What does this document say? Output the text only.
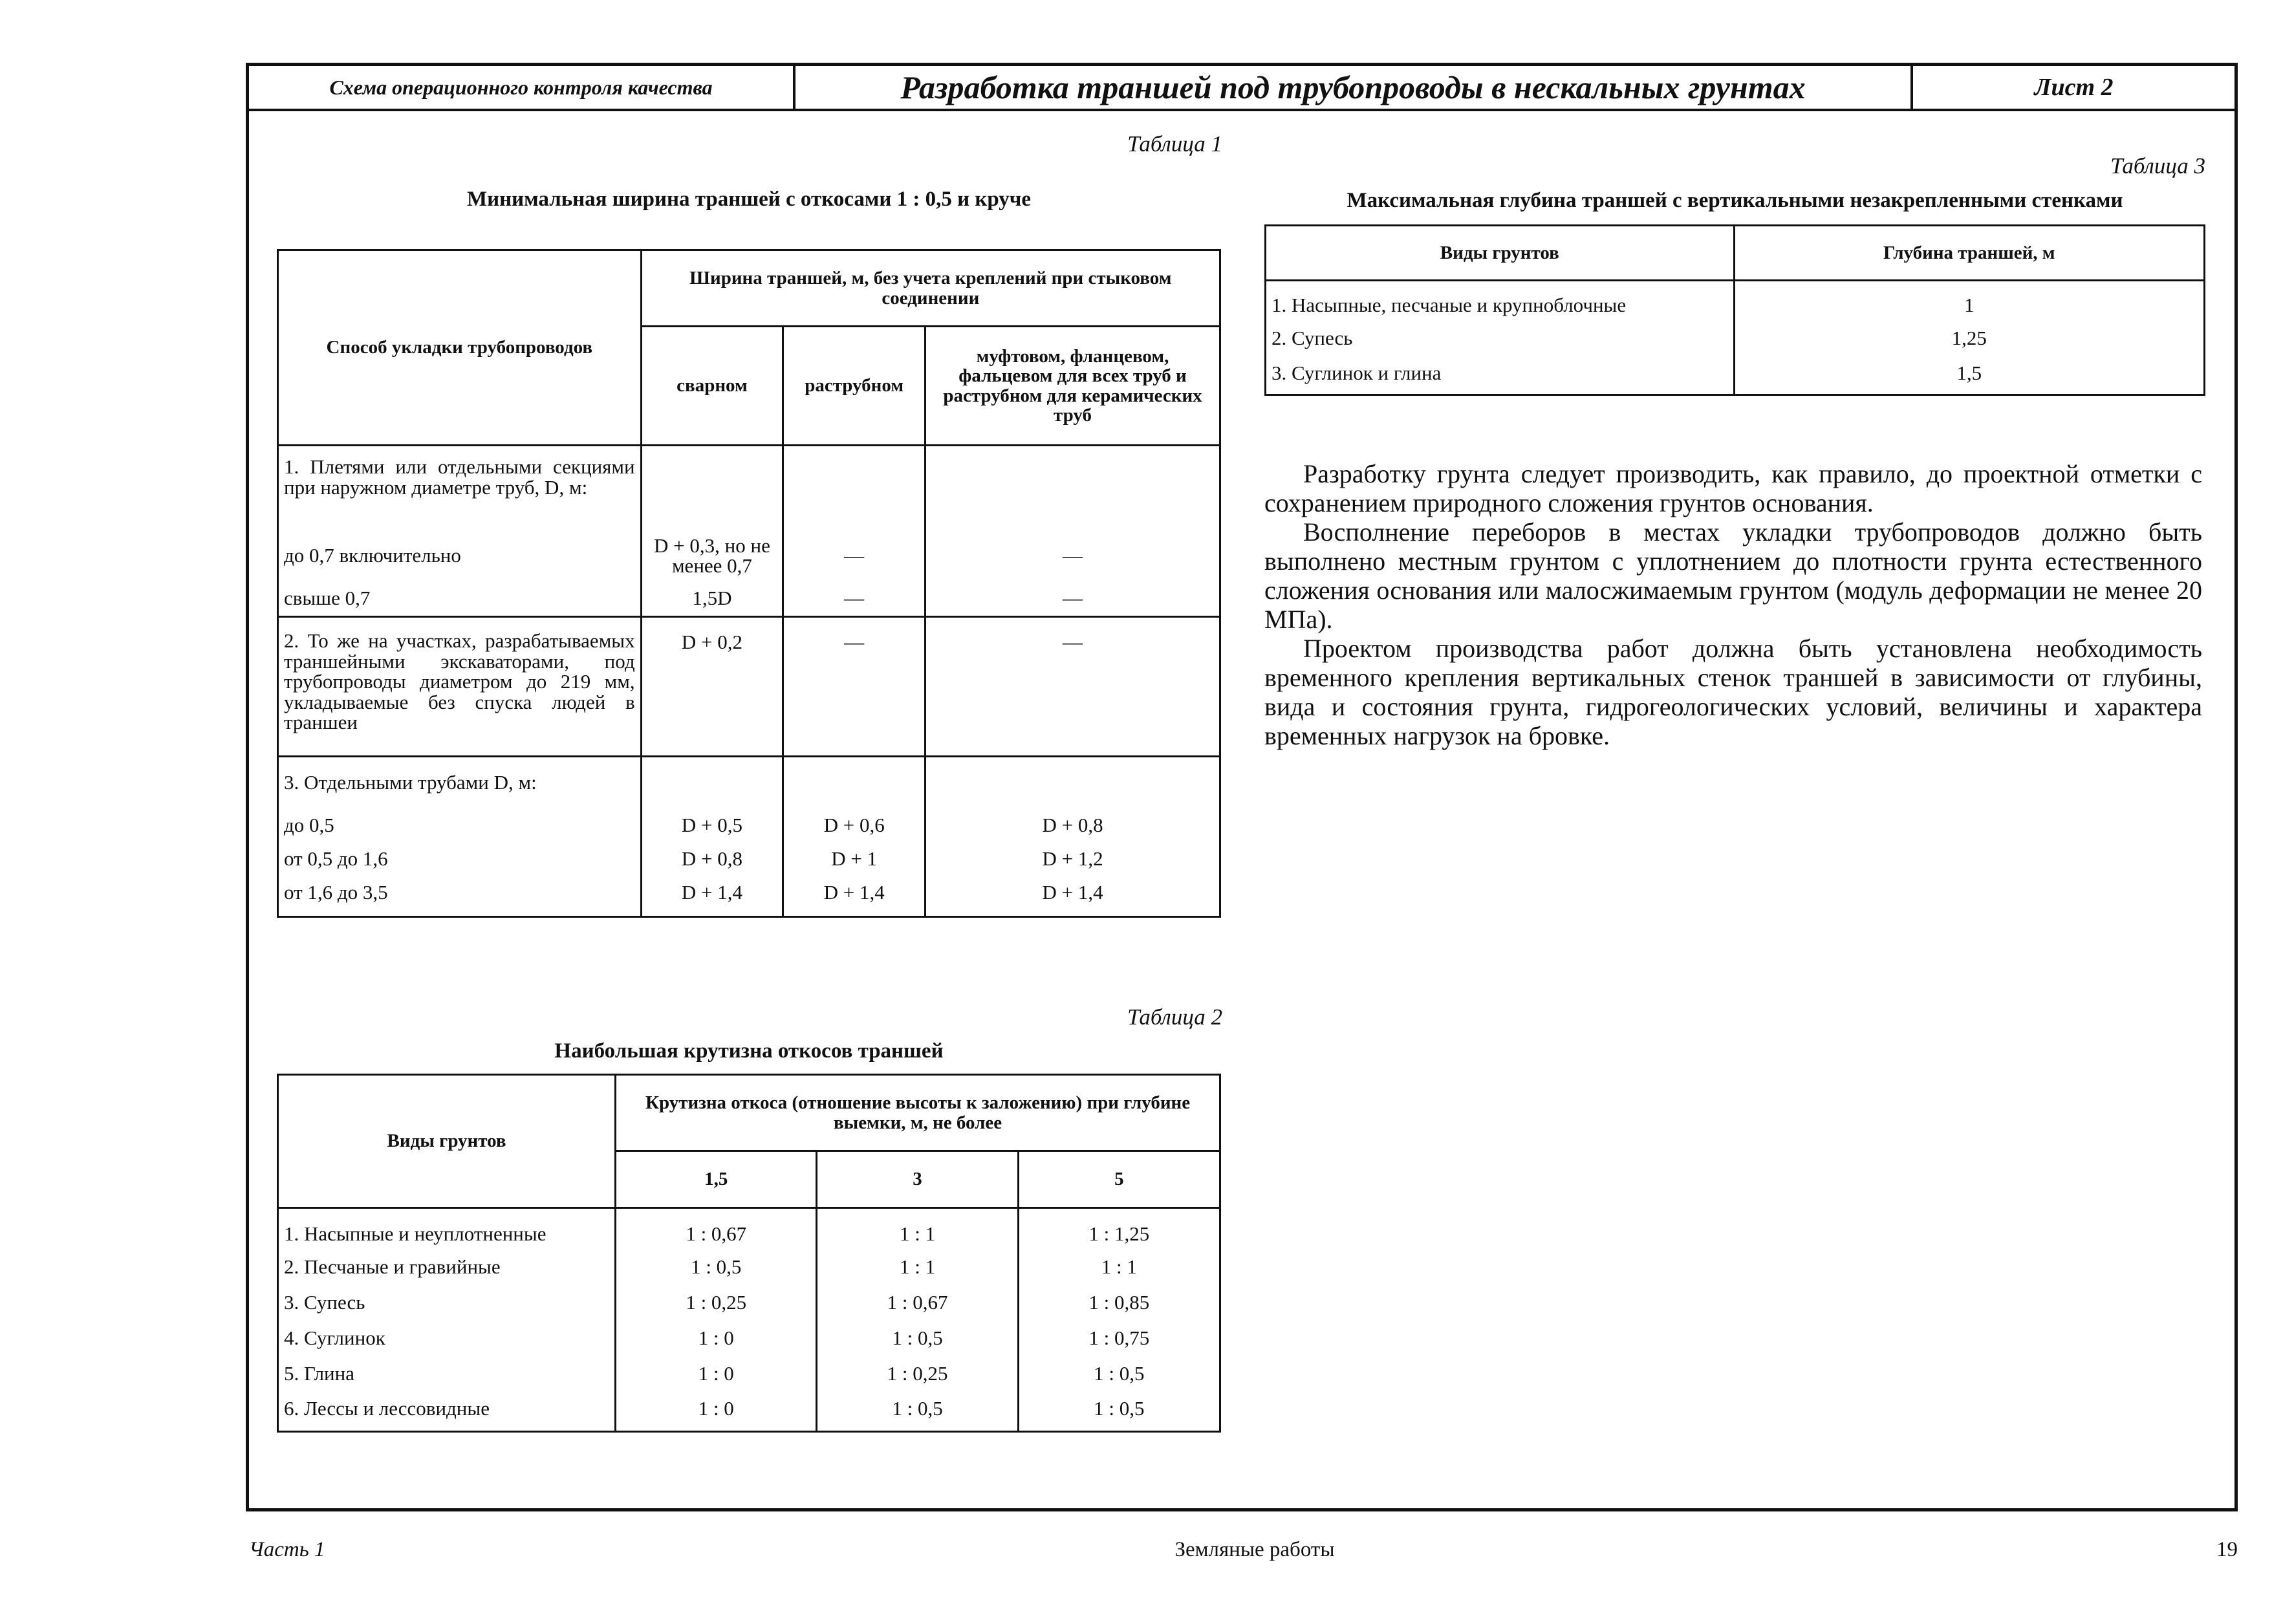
Схема операционного контроля качества	Разработка траншей под трубопроводы в нескальных грунтах	Лист 2
Таблица 1
Минимальная ширина траншей с откосами 1 : 0,5 и круче
Способ укладки трубопроводов	Ширина траншей, м, без учета креплений при стыковом соединении		
	сварном	раструбном	муфтовом, фланцевом, фальцевом для всех труб и раструбном для керамических труб
1. Плетями или отдельными секциями при наружном диаметре труб, D, м:			
до 0,7 включительно	D + 0,3, но не менее 0,7	—	—
свыше 0,7	1,5D	—	—
2. То же на участках, разрабатываемых траншейными экскаваторами, под трубопроводы диаметром до 219 мм, укладываемые без спуска людей в траншеи	D + 0,2	—	—
3. Отдельными трубами D, м:			
до 0,5	D + 0,5	D + 0,6	D + 0,8
от 0,5 до 1,6	D + 0,8	D + 1	D + 1,2
от 1,6 до 3,5	D + 1,4	D + 1,4	D + 1,4
Таблица 2
Наибольшая крутизна откосов траншей
Виды грунтов	Крутизна откоса (отношение высоты к заложению) при глубине выемки, м, не более		
	1,5	3	5
1. Насыпные и неуплотненные	1 : 0,67	1 : 1	1 : 1,25
2. Песчаные и гравийные	1 : 0,5	1 : 1	1 : 1
3. Супесь	1 : 0,25	1 : 0,67	1 : 0,85
4. Суглинок	1 : 0	1 : 0,5	1 : 0,75
5. Глина	1 : 0	1 : 0,25	1 : 0,5
6. Лессы и лессовидные	1 : 0	1 : 0,5	1 : 0,5
Таблица 3
Максимальная глубина траншей с вертикальными незакрепленными стенками
Виды грунтов	Глубина траншей, м
1. Насыпные, песчаные и крупноблочные	1
2. Супесь	1,25
3. Суглинок и глина	1,5

Разработку грунта следует производить, как правило, до проектной отметки с сохранением природного сложения грунтов основания.

Восполнение переборов в местах укладки трубопроводов должно быть выполнено местным грунтом с уплотнением до плотности грунта естественного сложения основания или малосжимаемым грунтом (модуль деформации не менее 20 МПа).

Проектом производства работ должна быть установлена необходимость временного крепления вертикальных стенок траншей в зависимости от глубины, вида и состояния грунта, гидрогеологических условий, величины и характера временных нагрузок на бровке.

Часть 1	Земляные работы	19
